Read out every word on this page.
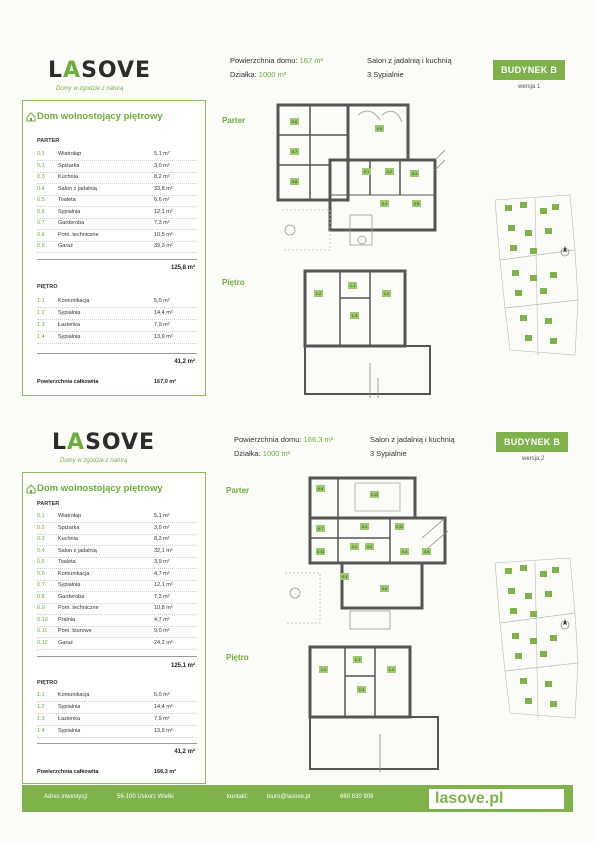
LASOVE
Domy w zgodzie z naturą
Powierzchnia domu: 167 m²
Działka: 1000 m²
Salon z jadalnią i kuchnią
3 Sypialnie	BUDYNEK B
wersja 1
Dom wolnostojący piętrowy
PARTER
0.1 Wiatrołap	5,1 m²
0.2 Spiżarka	3,0 m²
0.3 Kuchnia	8,2 m²
0.4 Salon z jadalnią	33,8 m²
0.5 Toaleta	6,6 m²
0.6 Sypialnia	12,1 m²
0.7 Garderoba	7,3 m²
0.8 Pom. techniczne	10,5 m²
0.9 Garaż	39,3 m²
125,8 m²
PIĘTRO
1.1 Komunikacja	5,0 m²
1.2 Sypialnia	14,4 m²
1.3 Łazienka	7,9 m²
1.4 Sypialnia	13,9 m²
41,2 m²
Powierzchnia całkowita	167,0 m²
Parter
Piętro
0.6
0.7
0.8
0.9
0.1	0.2	0.3
0.4	0.5
1.1
1.2
1.3
1.4
LASOVE
Domy w zgodzie z naturą
Powierzchnia domu: 166,3 m²
Działka: 1000 m²
Salon z jadalnią i kuchnią
3 Sypialnie
BUDYNEK B
wersja 2
Dom wolnostojący piętrowy
PARTER
0.1 Wiatrołap	5,1 m²
0.2 Spiżarka	3,0 m²
0.3 Kuchnia	8,2 m²
0.4 Salon z jadalnią	32,1 m²
0.5 Toaleta	3,9 m²
0.6 Komunikacja	4,7 m²
0.7 Sypialnia	12,1 m²
0.8 Garderoba	7,3 m²
0.9 Pom. techniczne	10,8 m²
0.10 Pralnia	4,7 m²
0.11 Pom. biurowe	9,0 m²
0.12 Garaż	24,2 m²
125,1 m²
PIĘTRO
1.1 Komunikacja	5,0 m²
1.2 Sypialnia	14,4 m²
1.3 Łazienka	7,9 m²
1.4 Sypialnia	13,9 m²
41,2 m²
Powierzchnia całkowita	166,3 m²
Parter
Piętro
0.8
0.12
0.7	0.9	0.10
0.11
0.1 0.2
0.3
0.4	0.5
0.6
1.1
1.2
1.3
1.4
Adres inwestycji:	56-100 Uskorz Wielki	kontakt:	biuro@lasove.pl	660 630 909	lasove.pl
